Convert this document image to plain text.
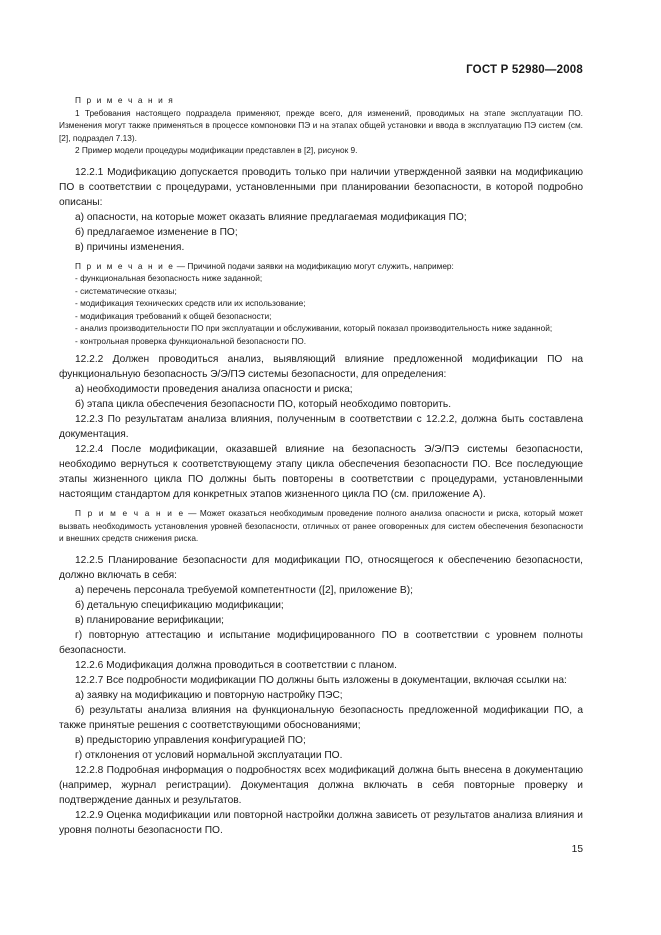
ГОСТ Р 52980—2008

П р и м е ч а н и я

1 Требования настоящего подраздела применяют, прежде всего, для изменений, проводимых на этапе эксплуатации ПО. Изменения могут также применяться в процессе компоновки ПЭ и на этапах общей установки и ввода в эксплуатацию ПЭ систем (см. [2], подраздел 7.13).

2 Пример модели процедуры модификации представлен в [2], рисунок 9.

12.2.1 Модификацию допускается проводить только при наличии утвержденной заявки на модификацию ПО в соответствии с процедурами, установленными при планировании безопасности, в которой подробно описаны:

а) опасности, на которые может оказать влияние предлагаемая модификация ПО;

б) предлагаемое изменение в ПО;

в) причины изменения.

П р и м е ч а н и е — Причиной подачи заявки на модификацию могут служить, например:

- функциональная безопасность ниже заданной;

- систематические отказы;

- модификация технических средств или их использование;

- модификация требований к общей безопасности;

- анализ производительности ПО при эксплуатации и обслуживании, который показал производительность ниже заданной;

- контрольная проверка функциональной безопасности ПО.

12.2.2 Должен проводиться анализ, выявляющий влияние предложенной модификации ПО на функциональную безопасность Э/Э/ПЭ системы безопасности, для определения:

а) необходимости проведения анализа опасности и риска;

б) этапа цикла обеспечения безопасности ПО, который необходимо повторить.

12.2.3 По результатам анализа влияния, полученным в соответствии с 12.2.2, должна быть составлена документация.

12.2.4 После модификации, оказавшей влияние на безопасность Э/Э/ПЭ системы безопасности, необходимо вернуться к соответствующему этапу цикла обеспечения безопасности ПО. Все последующие этапы жизненного цикла ПО должны быть повторены в соответствии с процедурами, установленными настоящим стандартом для конкретных этапов жизненного цикла ПО (см. приложение А).

П р и м е ч а н и е — Может оказаться необходимым проведение полного анализа опасности и риска, который может вызвать необходимость установления уровней безопасности, отличных от ранее оговоренных для систем обеспечения безопасности и внешних средств снижения риска.

12.2.5 Планирование безопасности для модификации ПО, относящегося к обеспечению безопасности, должно включать в себя:

а) перечень персонала требуемой компетентности ([2], приложение В);

б) детальную спецификацию модификации;

в) планирование верификации;

г) повторную аттестацию и испытание модифицированного ПО в соответствии с уровнем полноты безопасности.

12.2.6 Модификация должна проводиться в соответствии с планом.

12.2.7 Все подробности модификации ПО должны быть изложены в документации, включая ссылки на:

а) заявку на модификацию и повторную настройку ПЭС;

б) результаты анализа влияния на функциональную безопасность предложенной модификации ПО, а также принятые решения с соответствующими обоснованиями;

в) предысторию управления конфигурацией ПО;

г) отклонения от условий нормальной эксплуатации ПО.

12.2.8 Подробная информация о подробностях всех модификаций должна быть внесена в документацию (например, журнал регистрации). Документация должна включать в себя повторные проверку и подтверждение данных и результатов.

12.2.9 Оценка модификации или повторной настройки должна зависеть от результатов анализа влияния и уровня полноты безопасности ПО.

15
